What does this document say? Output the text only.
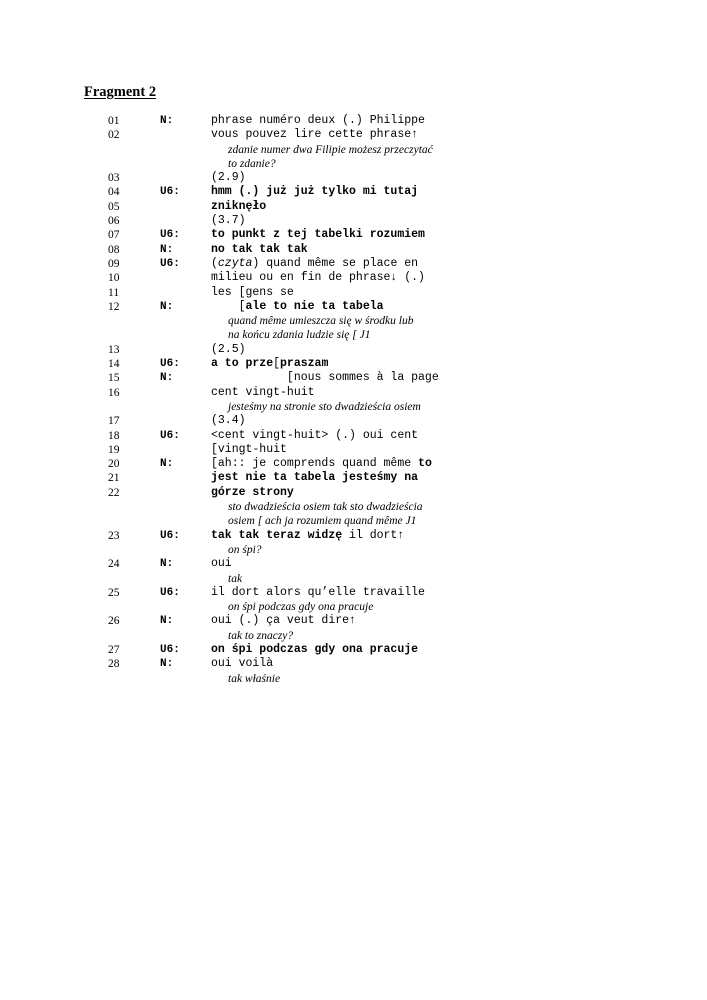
Fragment 2
01	N:	phrase numéro deux (.) Philippe
02	vous pouvez lire cette phrase↑
zdanie numer dwa Filipie możesz przeczytać
to zdanie?
03	(2.9)
04	U6:	hmm (.) już już tylko mi tutaj
05	zniknęło
06	(3.7)
07	U6:	to punkt z tej tabelki rozumiem
08	N:	no tak tak tak
09	U6:	(czyta) quand même se place en
10	milieu ou en fin de phrase↓ (.)
11	les [gens se
12	N:	[ale to nie ta tabela
quand même umieszcza się w środku lub
na końcu zdania ludzie się [ J1
13	(2.5)
14	U6:	a to prze[praszam
15	N:	[nous sommes à la page
16	cent vingt-huit
jesteśmy na stronie sto dwadzieścia osiem
17	(3.4)
18	U6:	<cent vingt-huit> (.) oui cent
19	[vingt-huit
20	N:	[ah:: je comprends quand même to
21	jest nie ta tabela jesteśmy na
22	górze strony
sto dwadzieścia osiem tak sto dwadzieścia
osiem [ ach ja rozumiem quand même J1
23	U6:	tak tak teraz widzę il dort↑
on śpi?
24	N:	oui
tak
25	U6:	il dort alors qu’elle travaille
on śpi podczas gdy ona pracuje
26	N:	oui (.) ça veut dire↑
tak to znaczy?
27	U6:	on śpi podczas gdy ona pracuje
28	N:	oui voilà
tak właśnie
